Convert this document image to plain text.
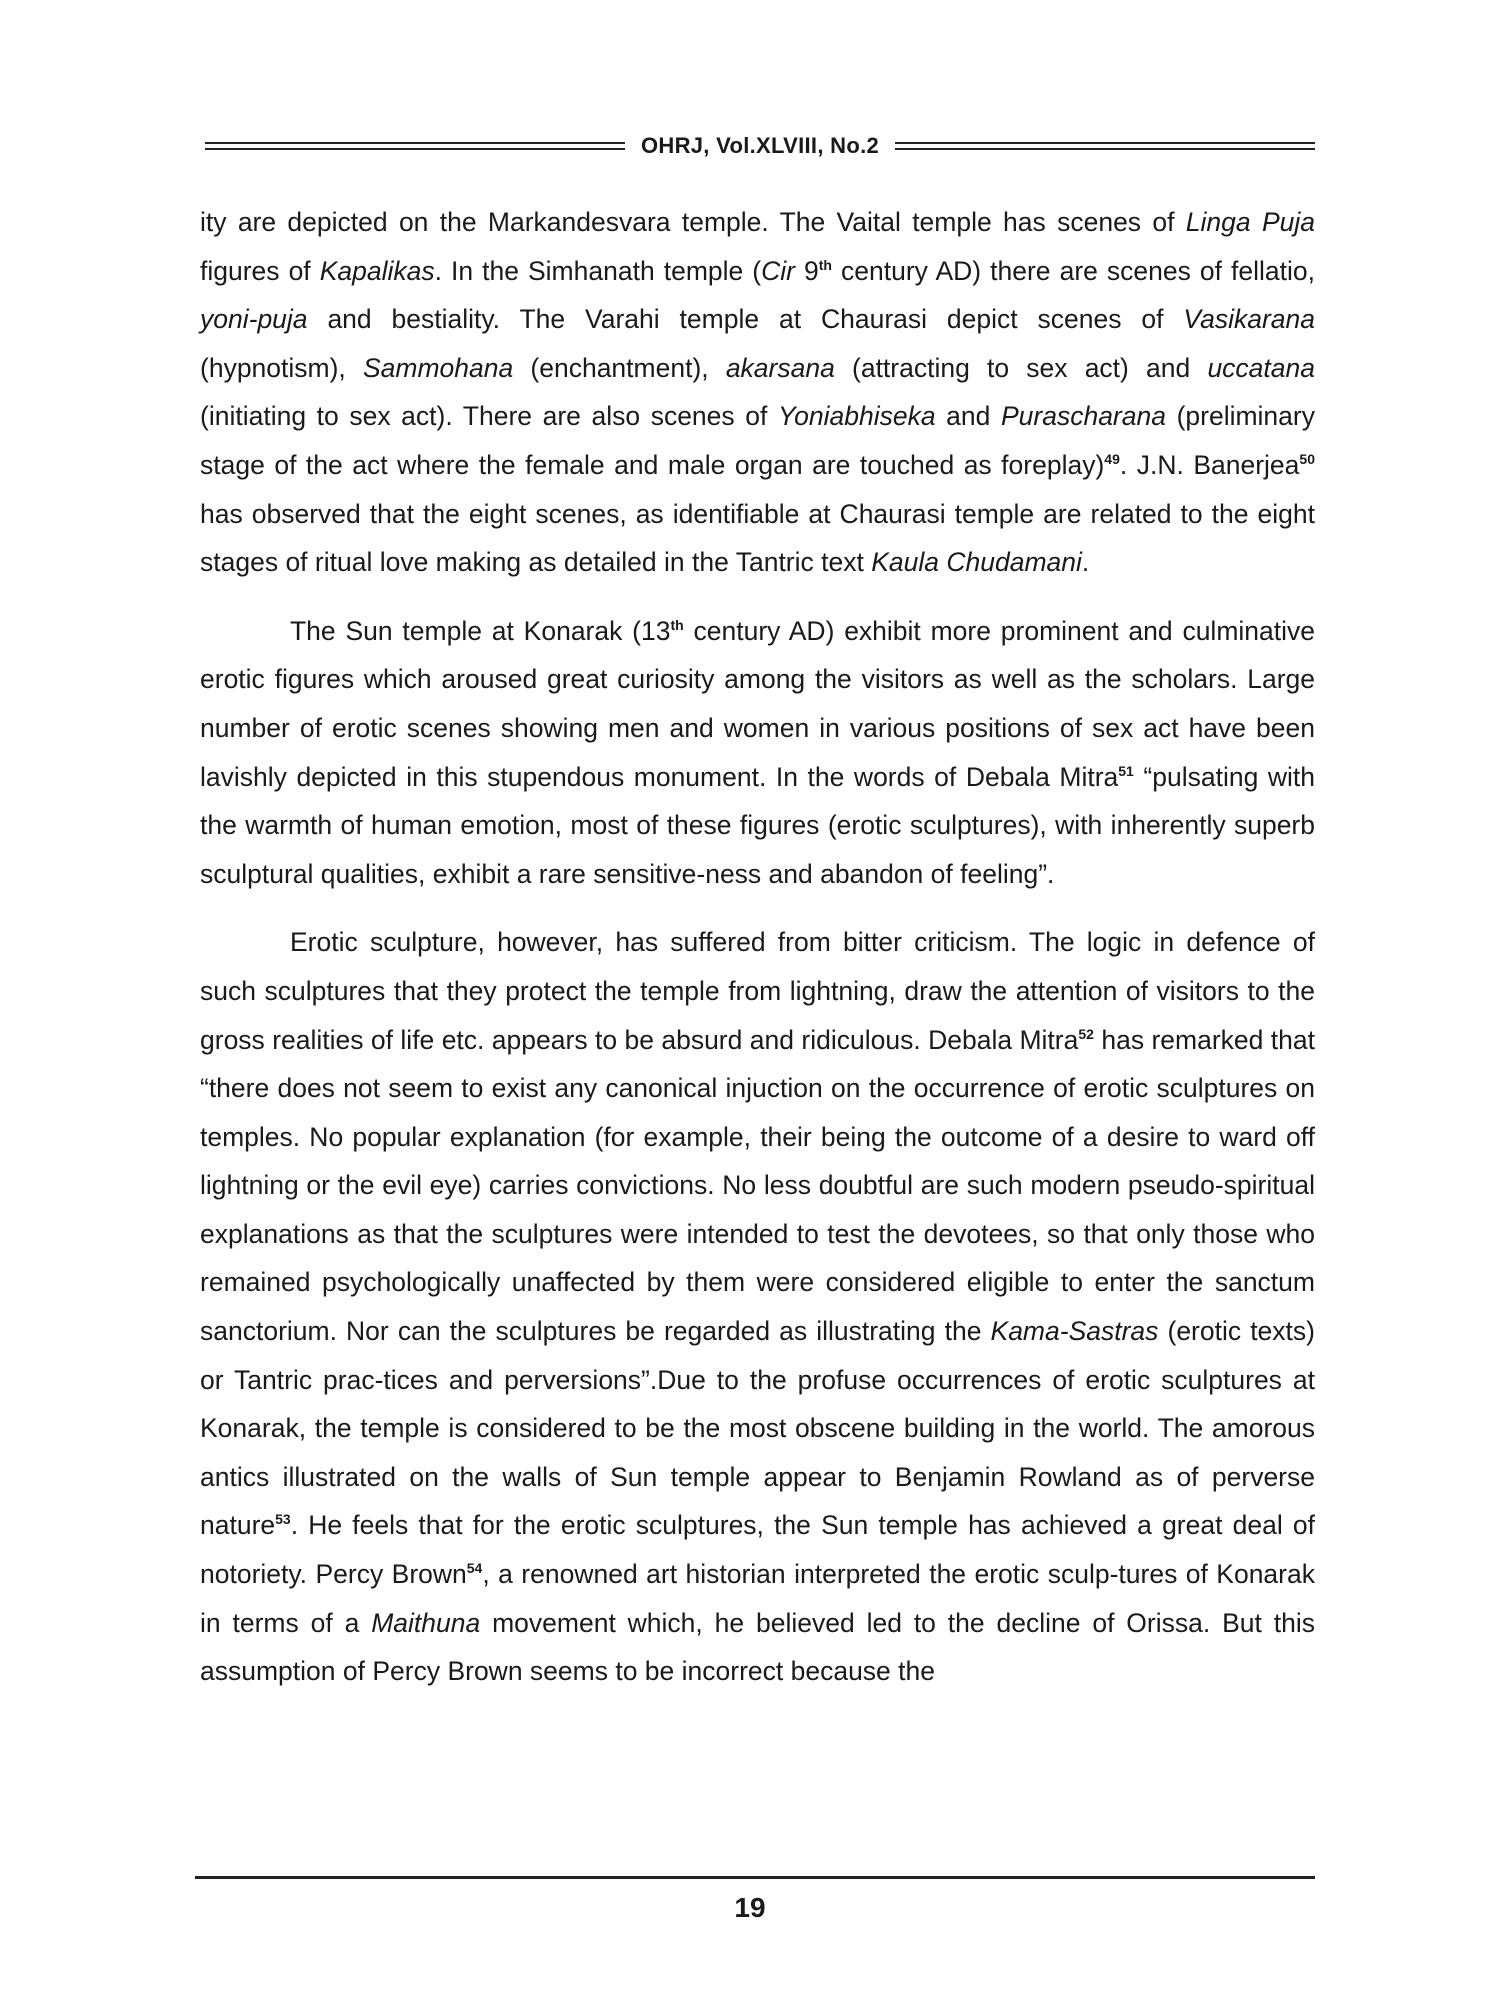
OHRJ, Vol.XLVIII, No.2

ity are depicted on the Markandesvara temple. The Vaital temple has scenes of Linga Puja figures of Kapalikas. In the Simhanath temple (Cir 9th century AD) there are scenes of fellatio, yoni-puja and bestiality. The Varahi temple at Chaurasi depict scenes of Vasikarana (hypnotism), Sammohana (enchantment), akarsana (attracting to sex act) and uccatana (initiating to sex act). There are also scenes of Yoniabhiseka and Purascharana (preliminary stage of the act where the female and male organ are touched as foreplay)$^{49}$. J.N. Banerjea$^{50}$ has observed that the eight scenes, as identifiable at Chaurasi temple are related to the eight stages of ritual love making as detailed in the Tantric text Kaula Chudamani.

The Sun temple at Konarak (13th century AD) exhibit more prominent and culminative erotic figures which aroused great curiosity among the visitors as well as the scholars. Large number of erotic scenes showing men and women in various positions of sex act have been lavishly depicted in this stupendous monument. In the words of Debala Mitra$^{51}$ “pulsating with the warmth of human emotion, most of these figures (erotic sculptures), with inherently superb sculptural qualities, exhibit a rare sensitive-ness and abandon of feeling”.

Erotic sculpture, however, has suffered from bitter criticism. The logic in defence of such sculptures that they protect the temple from lightning, draw the attention of visitors to the gross realities of life etc. appears to be absurd and ridiculous. Debala Mitra$^{52}$ has remarked that “there does not seem to exist any canonical injuction on the occurrence of erotic sculptures on temples. No popular explanation (for example, their being the outcome of a desire to ward off lightning or the evil eye) carries convictions. No less doubtful are such modern pseudo-spiritual explanations as that the sculptures were intended to test the devotees, so that only those who remained psychologically unaffected by them were considered eligible to enter the sanctum sanctorium. Nor can the sculptures be regarded as illustrating the Kama-Sastras (erotic texts) or Tantric prac-tices and perversions”.Due to the profuse occurrences of erotic sculptures at Konarak, the temple is considered to be the most obscene building in the world. The amorous antics illustrated on the walls of Sun temple appear to Benjamin Rowland as of perverse nature$^{53}$. He feels that for the erotic sculptures, the Sun temple has achieved a great deal of notoriety. Percy Brown$^{54}$, a renowned art historian interpreted the erotic sculp-tures of Konarak in terms of a Maithuna movement which, he believed led to the decline of Orissa. But this assumption of Percy Brown seems to be incorrect because the

19
